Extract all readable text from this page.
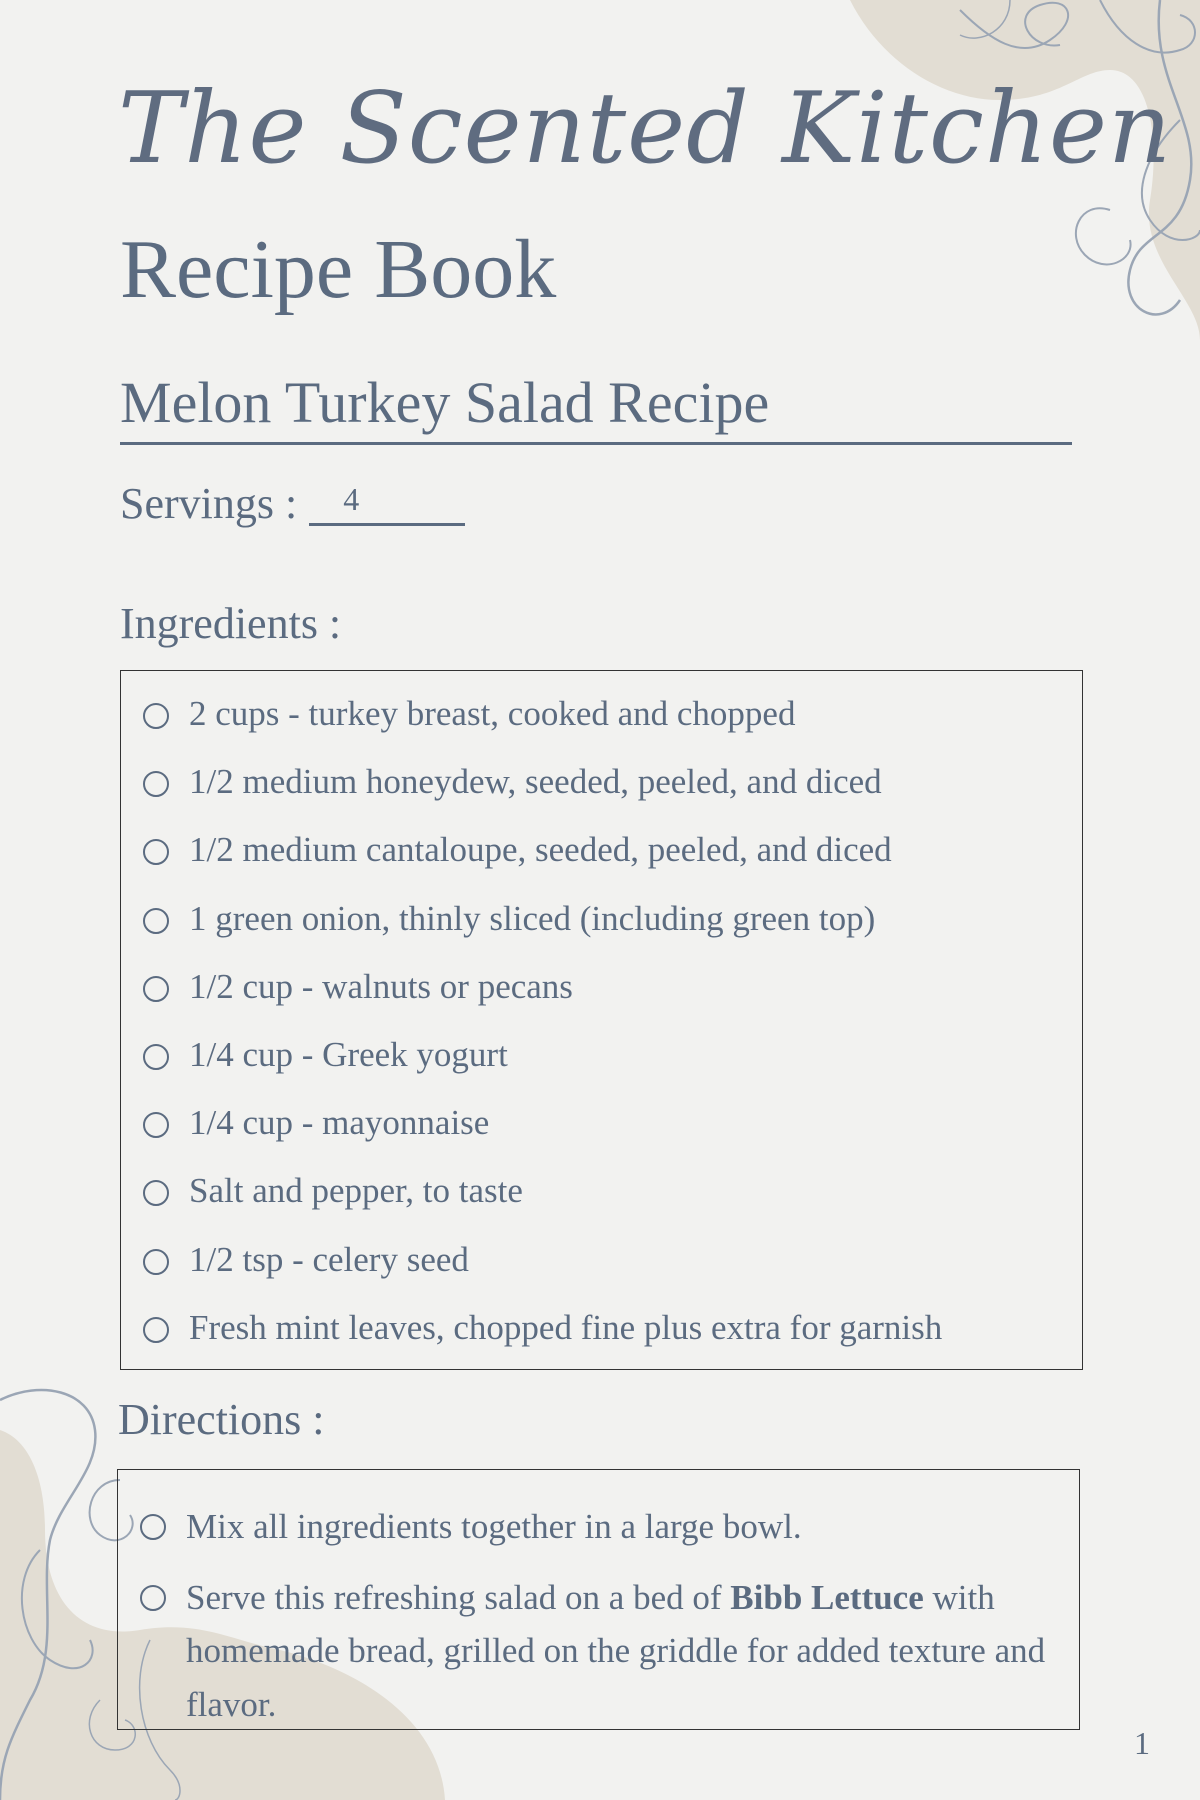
The Scented Kitchen
Recipe Book
Melon Turkey Salad Recipe
Servings :	4
Ingredients :
2 cups - turkey breast, cooked and chopped
1/2 medium honeydew, seeded, peeled, and diced
1/2 medium cantaloupe, seeded, peeled, and diced
1 green onion, thinly sliced (including green top)
1/2 cup - walnuts or pecans
1/4 cup - Greek yogurt
1/4 cup - mayonnaise
Salt and pepper, to taste
1/2 tsp - celery seed
Fresh mint leaves, chopped fine plus extra for garnish
Directions :
Mix all ingredients together in a large bowl.
Serve this refreshing salad on a bed of Bibb Lettuce with homemade bread, grilled on the griddle for added texture and flavor.
1
